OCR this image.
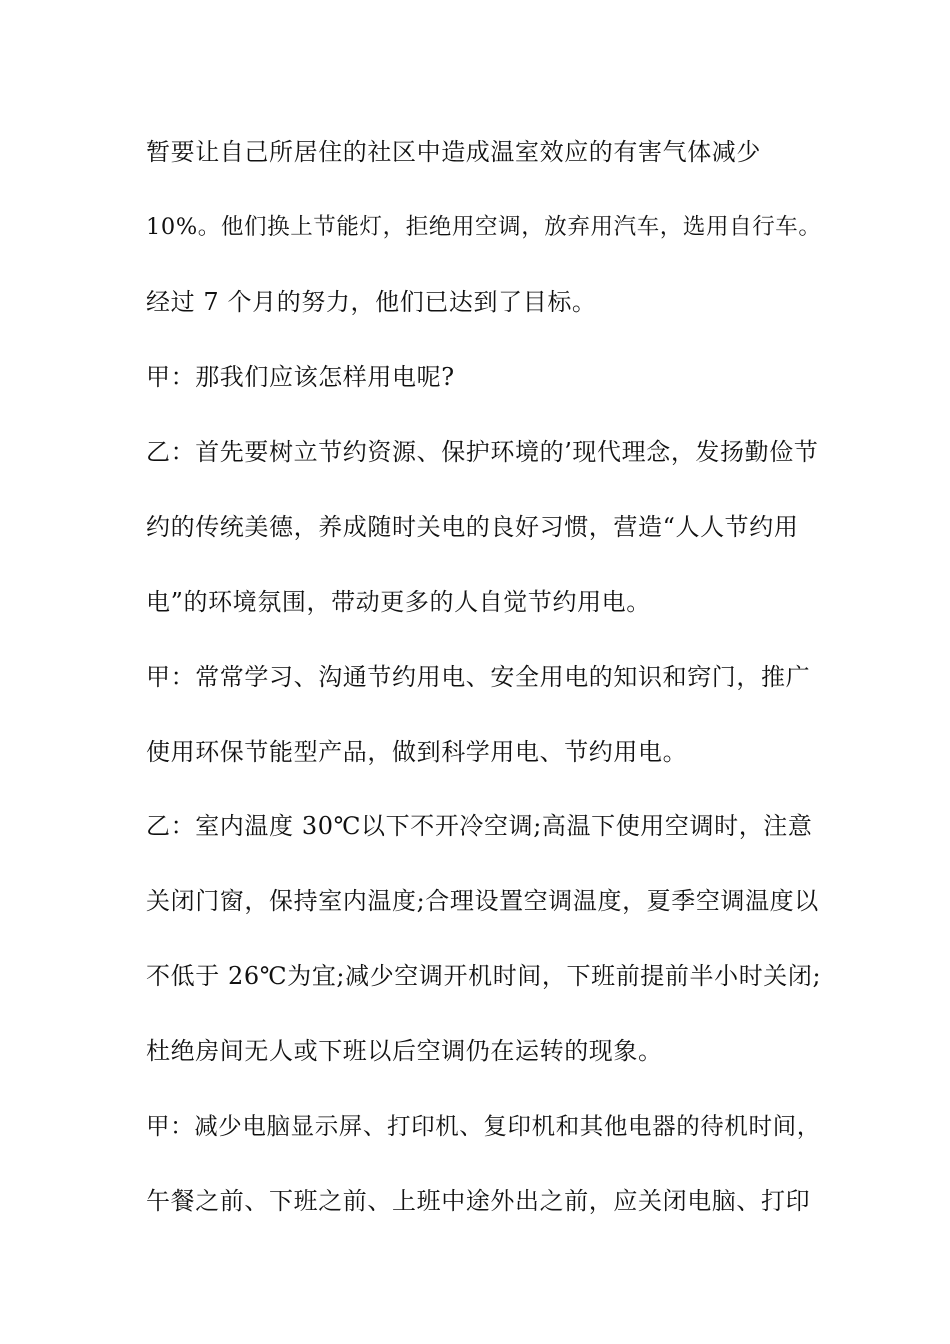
暂要让自己所居住的社区中造成温室效应的有害气体减少
10%。他们换上节能灯，拒绝用空调，放弃用汽车，选用自行车。
经过 7 个月的努力，他们已达到了目标。
甲：那我们应该怎样用电呢?
乙：首先要树立节约资源、保护环境的’现代理念，发扬勤俭节
约的传统美德，养成随时关电的良好习惯，营造“人人节约用
电”的环境氛围，带动更多的人自觉节约用电。
甲：常常学习、沟通节约用电、安全用电的知识和窍门，推广
使用环保节能型产品，做到科学用电、节约用电。
乙：室内温度 30℃以下不开冷空调;高温下使用空调时，注意
关闭门窗，保持室内温度;合理设置空调温度，夏季空调温度以
不低于 26℃为宜;减少空调开机时间，下班前提前半小时关闭;
杜绝房间无人或下班以后空调仍在运转的现象。
甲：减少电脑显示屏、打印机、复印机和其他电器的待机时间，
午餐之前、下班之前、上班中途外出之前，应关闭电脑、打印
